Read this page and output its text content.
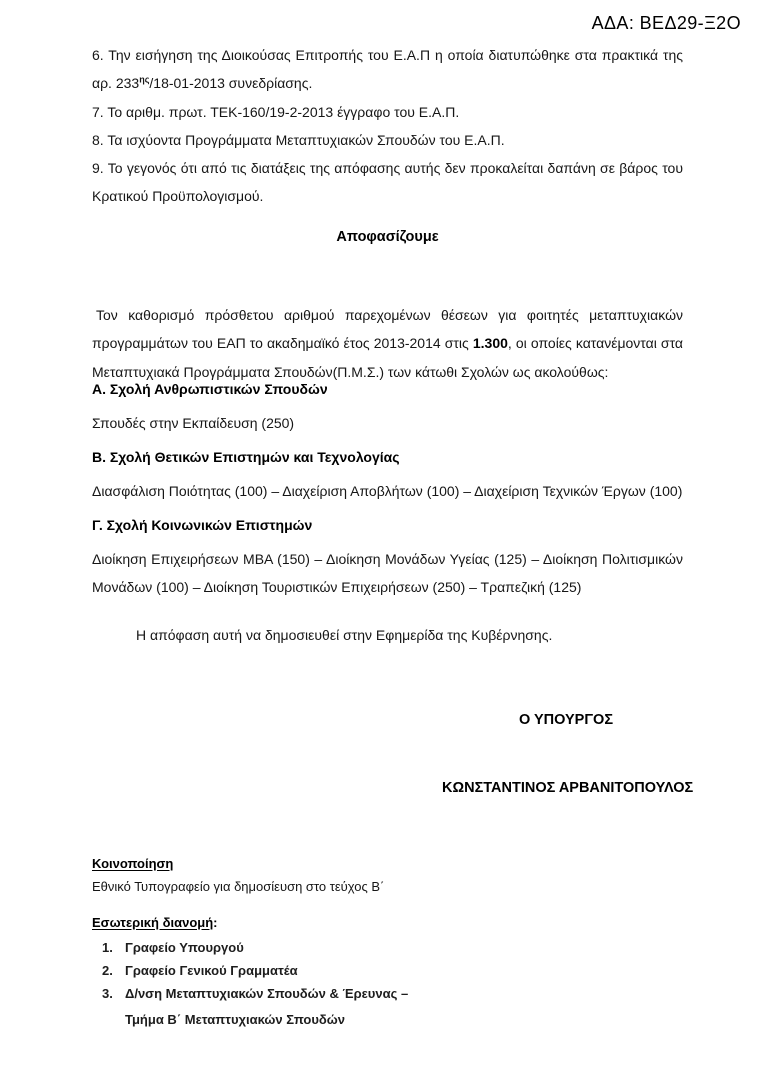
ΑΔΑ: ΒΕΔ29-Ξ2Ο

6. Την εισήγηση της Διοικούσας Επιτροπής του Ε.Α.Π η οποία διατυπώθηκε στα πρακτικά της αρ. $233^{\eta\varsigma}/18-01-2013$ συνεδρίασης.

7. Το αριθμ. πρωτ. ΤΕΚ-160/19-2-2013 έγγραφο του Ε.Α.Π.

8. Τα ισχύοντα Προγράμματα Μεταπτυχιακών Σπουδών του Ε.Α.Π.

9. Το γεγονός ότι από τις διατάξεις της απόφασης αυτής δεν προκαλείται δαπάνη σε βάρος του Κρατικού Προϋπολογισμού.

Αποφασίζουμε

Τον καθορισμό πρόσθετου αριθμού παρεχομένων θέσεων για φοιτητές μεταπτυχιακών προγραμμάτων του ΕΑΠ το ακαδημαϊκό έτος 2013-2014 στις 1.300, οι οποίες κατανέμονται στα Μεταπτυχιακά Προγράμματα Σπουδών(Π.Μ.Σ.) των κάτωθι Σχολών ως ακολούθως:

Α. Σχολή Ανθρωπιστικών Σπουδών

Σπουδές στην Εκπαίδευση (250)

Β. Σχολή Θετικών Επιστημών και Τεχνολογίας

Διασφάλιση Ποιότητας (100) – Διαχείριση Αποβλήτων (100) – Διαχείριση Τεχνικών Έργων (100)

Γ. Σχολή Κοινωνικών Επιστημών

Διοίκηση Επιχειρήσεων ΜΒΑ (150) – Διοίκηση Μονάδων Υγείας (125) – Διοίκηση Πολιτισμικών Μονάδων (100) – Διοίκηση Τουριστικών Επιχειρήσεων (250) – Τραπεζική (125)

Η απόφαση αυτή να δημοσιευθεί στην Εφημερίδα της Κυβέρνησης.
Ο ΥΠΟΥΡΓΟΣ
ΚΩΝΣΤΑΝΤΙΝΟΣ ΑΡΒΑΝΙΤΟΠΟΥΛΟΣ
Κοινοποίηση
Εθνικό Τυπογραφείο για δημοσίευση στο τεύχος Β΄
Εσωτερική διανομή:
1. Γραφείο Υπουργού
2. Γραφείο Γενικού Γραμματέα
3. Δ/νση Μεταπτυχιακών Σπουδών & Έρευνας –
Τμήμα Β΄ Μεταπτυχιακών Σπουδών
